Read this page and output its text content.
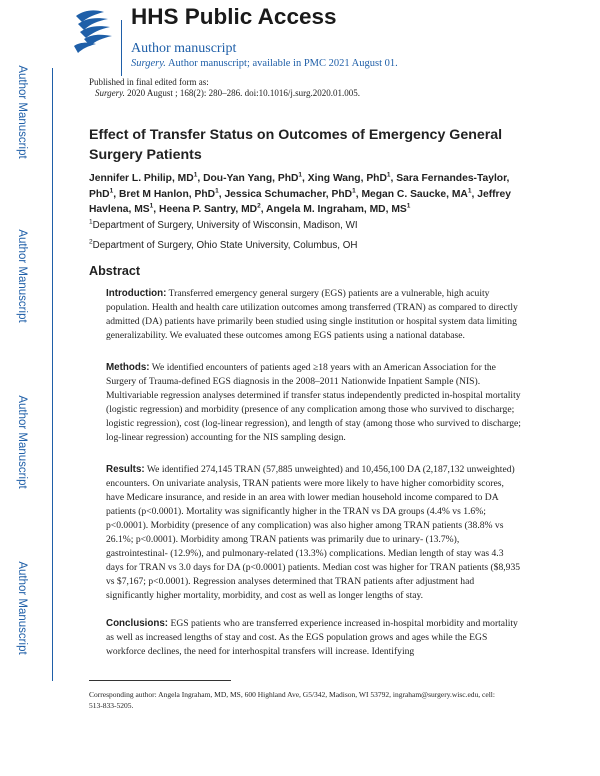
HHS Public Access
Author manuscript
Surgery. Author manuscript; available in PMC 2021 August 01.
Author Manuscript
Author Manuscript
Author Manuscript
Author Manuscript
Published in final edited form as:
Surgery. 2020 August ; 168(2): 280–286. doi:10.1016/j.surg.2020.01.005.
Effect of Transfer Status on Outcomes of Emergency General Surgery Patients
Jennifer L. Philip, $MD^1$, Dou-Yan Yang, PhD$^1$, Xing Wang, PhD$^1$, Sara Fernandes-Taylor, PhD$^1$, Bret M Hanlon, PhD$^1$, Jessica Schumacher, PhD$^1$, Megan C. Saucke, $MA^1$, Jeffrey Havlena, $MS^1$, Heena P. Santry, $MD^2$, Angela M. Ingraham, MD, $MS^1$
$^1$Department of Surgery, University of Wisconsin, Madison, WI
$^2$Department of Surgery, Ohio State University, Columbus, OH
Abstract
Introduction: Transferred emergency general surgery (EGS) patients are a vulnerable, high acuity population. Health and health care utilization outcomes among transferred (TRAN) as compared to directly admitted (DA) patients have primarily been studied using single institution or hospital system data limiting generalizability. We evaluated these outcomes among EGS patients using a national database.
Methods: We identified encounters of patients aged ≥18 years with an American Association for the Surgery of Trauma-defined EGS diagnosis in the 2008–2011 Nationwide Inpatient Sample (NIS). Multivariable regression analyses determined if transfer status independently predicted in-hospital mortality (logistic regression) and morbidity (presence of any complication among those who survived to discharge; logistic regression), cost (log-linear regression), and length of stay (among those who survived to discharge; log-linear regression) accounting for the NIS sampling design.
Results: We identified 274,145 TRAN (57,885 unweighted) and 10,456,100 DA (2,187,132 unweighted) encounters. On univariate analysis, TRAN patients were more likely to have higher comorbidity scores, have Medicare insurance, and reside in an area with lower median household income compared to DA patients (p<0.0001). Mortality was significantly higher in the TRAN vs DA groups (4.4% vs 1.6%; p<0.0001). Morbidity (presence of any complication) was also higher among TRAN patients (38.8% vs 26.1%; p<0.0001). Morbidity among TRAN patients was primarily due to urinary- (13.7%), gastrointestinal- (12.9%), and pulmonary-related (13.3%) complications. Median length of stay was 4.3 days for TRAN vs 3.0 days for DA (p<0.0001) patients. Median cost was higher for TRAN patients ($8,935 vs $7,167; p<0.0001). Regression analyses determined that TRAN patients after adjustment had significantly higher mortality, morbidity, and cost as well as longer lengths of stay.
Conclusions: EGS patients who are transferred experience increased in-hospital morbidity and mortality as well as increased lengths of stay and cost. As the EGS population grows and ages while the EGS workforce declines, the need for interhospital transfers will increase. Identifying
Corresponding author: Angela Ingraham, MD, MS, 600 Highland Ave, G5/342, Madison, WI 53792, ingraham@surgery.wisc.edu, cell: 513-833-5205.
